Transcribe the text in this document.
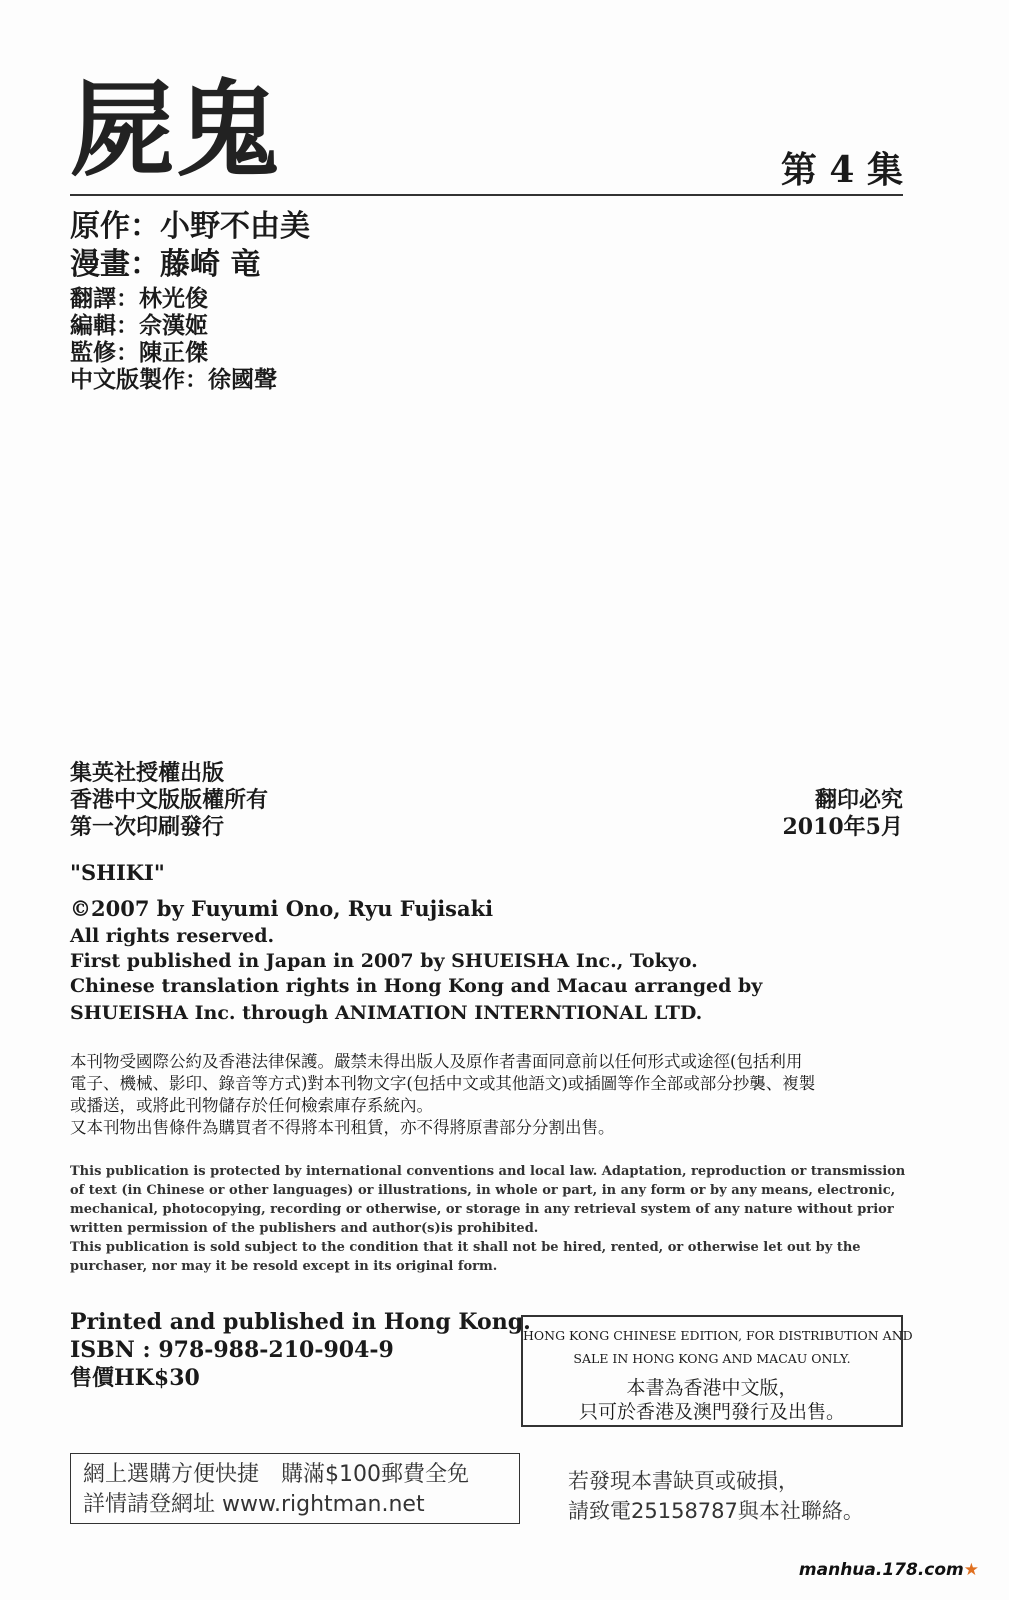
屍鬼	第 4 集
原作：小野不由美
漫畫：藤崎 竜
翻譯：林光俊
編輯：佘漢姬
監修：陳正傑
中文版製作：徐國聲
集英社授權出版
香港中文版版權所有
第一次印刷發行
翻印必究
2010年5月
"SHIKI"
©2007 by Fuyumi Ono, Ryu Fujisaki
All rights reserved.
First published in Japan in 2007 by SHUEISHA Inc., Tokyo.
Chinese translation rights in Hong Kong and Macau arranged by
SHUEISHA Inc. through ANIMATION INTERNTIONAL LTD.
本刊物受國際公約及香港法律保護。嚴禁未得出版人及原作者書面同意前以任何形式或途徑(包括利用
電子、機械、影印、錄音等方式)對本刊物文字(包括中文或其他語文)或插圖等作全部或部分抄襲、複製
或播送，或將此刊物儲存於任何檢索庫存系統內。
又本刊物出售條件為購買者不得將本刊租賃，亦不得將原書部分分割出售。
This publication is protected by international conventions and local law. Adaptation, reproduction or transmission
of text (in Chinese or other languages) or illustrations, in whole or part, in any form or by any means, electronic,
mechanical, photocopying, recording or otherwise, or storage in any retrieval system of any nature without prior
written permission of the publishers and author(s)is prohibited.
This publication is sold subject to the condition that it shall not be hired, rented, or otherwise let out by the
purchaser, nor may it be resold except in its original form.
Printed and published in Hong Kong.
ISBN : 978-988-210-904-9
售價HK$30
HONG KONG CHINESE EDITION, FOR DISTRIBUTION AND
SALE IN HONG KONG AND MACAU ONLY.
本書為香港中文版，
只可於香港及澳門發行及出售。
網上選購方便快捷　購滿$100郵費全免
詳情請登網址 www.rightman.net
若發現本書缺頁或破損，
請致電25158787與本社聯絡。
manhua.178.com★
